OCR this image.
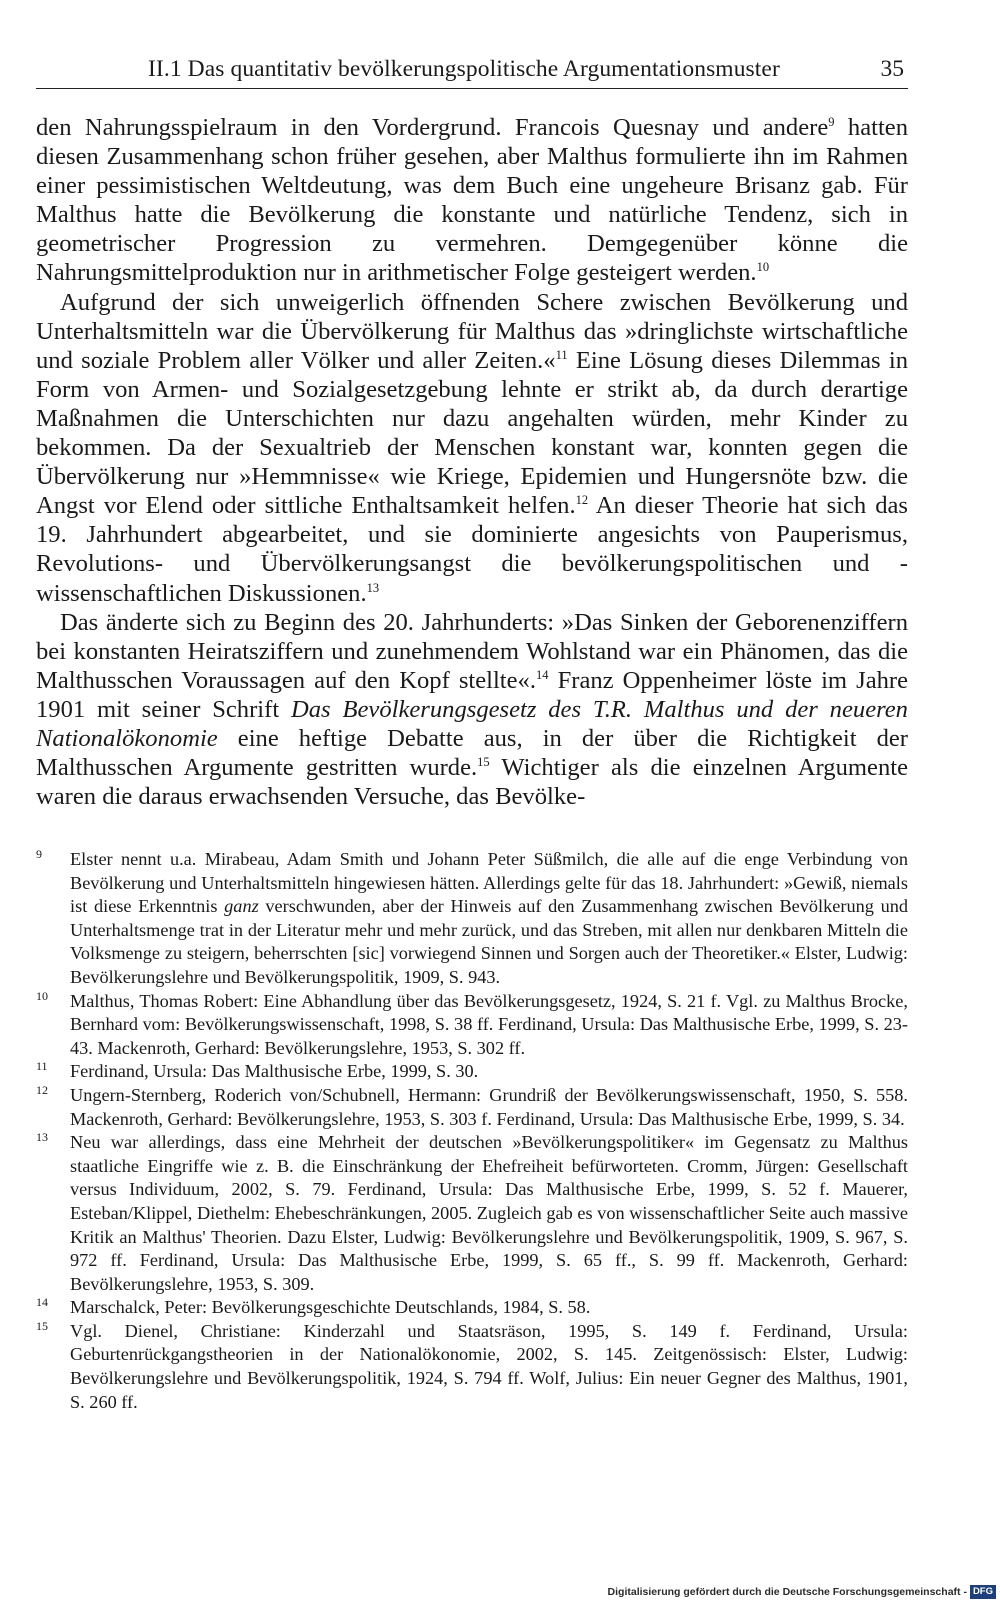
II.1 Das quantitativ bevölkerungspolitische Argumentationsmuster	35

den Nahrungsspielraum in den Vordergrund. Francois Quesnay und andere$^9$ hatten diesen Zusammenhang schon früher gesehen, aber Malthus formulierte ihn im Rahmen einer pessimistischen Weltdeutung, was dem Buch eine ungeheure Brisanz gab. Für Malthus hatte die Bevölkerung die konstante und natürliche Tendenz, sich in geometrischer Progression zu vermehren. Demgegenüber könne die Nahrungsmittelproduktion nur in arithmetischer Folge gesteigert werden.$^{10}$

Aufgrund der sich unweigerlich öffnenden Schere zwischen Bevölkerung und Unterhaltsmitteln war die Übervölkerung für Malthus das »dringlichste wirtschaftliche und soziale Problem aller Völker und aller Zeiten.«$^{11}$ Eine Lösung dieses Dilemmas in Form von Armen- und Sozialgesetzgebung lehnte er strikt ab, da durch derartige Maßnahmen die Unterschichten nur dazu angehalten würden, mehr Kinder zu bekommen. Da der Sexualtrieb der Menschen konstant war, konnten gegen die Übervölkerung nur »Hemmnisse« wie Kriege, Epidemien und Hungersnöte bzw. die Angst vor Elend oder sittliche Enthaltsamkeit helfen.$^{12}$ An dieser Theorie hat sich das 19. Jahrhundert abgearbeitet, und sie dominierte angesichts von Pauperismus, Revolutions- und Übervölkerungsangst die bevölkerungspolitischen und -wissenschaftlichen Diskussionen.$^{13}$

Das änderte sich zu Beginn des 20. Jahrhunderts: »Das Sinken der Geborenenziffern bei konstanten Heiratsziffern und zunehmendem Wohlstand war ein Phänomen, das die Malthusschen Voraussagen auf den Kopf stellte«.$^{14}$ Franz Oppenheimer löste im Jahre 1901 mit seiner Schrift Das Bevölkerungsgesetz des T.R. Malthus und der neueren Nationalökonomie eine heftige Debatte aus, in der über die Richtigkeit der Malthusschen Argumente gestritten wurde.$^{15}$ Wichtiger als die einzelnen Argumente waren die daraus erwachsenden Versuche, das Bevölke-

9 Elster nennt u.a. Mirabeau, Adam Smith und Johann Peter Süßmilch, die alle auf die enge Verbindung von Bevölkerung und Unterhaltsmitteln hingewiesen hätten. Allerdings gelte für das 18. Jahrhundert: »Gewiß, niemals ist diese Erkenntnis ganz verschwunden, aber der Hinweis auf den Zusammenhang zwischen Bevölkerung und Unterhaltsmenge trat in der Literatur mehr und mehr zurück, und das Streben, mit allen nur denkbaren Mitteln die Volksmenge zu steigern, beherrschten [sic] vorwiegend Sinnen und Sorgen auch der Theoretiker.« Elster, Ludwig: Bevölkerungslehre und Bevölkerungspolitik, 1909, S. 943.
10 Malthus, Thomas Robert: Eine Abhandlung über das Bevölkerungsgesetz, 1924, S. 21 f. Vgl. zu Malthus Brocke, Bernhard vom: Bevölkerungswissenschaft, 1998, S. 38 ff. Ferdinand, Ursula: Das Malthusische Erbe, 1999, S. 23-43. Mackenroth, Gerhard: Bevölkerungslehre, 1953, S. 302 ff.
11 Ferdinand, Ursula: Das Malthusische Erbe, 1999, S. 30.
12 Ungern-Sternberg, Roderich von/Schubnell, Hermann: Grundriß der Bevölkerungswissenschaft, 1950, S. 558. Mackenroth, Gerhard: Bevölkerungslehre, 1953, S. 303 f. Ferdinand, Ursula: Das Malthusische Erbe, 1999, S. 34.
13 Neu war allerdings, dass eine Mehrheit der deutschen »Bevölkerungspolitiker« im Gegensatz zu Malthus staatliche Eingriffe wie z. B. die Einschränkung der Ehefreiheit befürworteten. Cromm, Jürgen: Gesellschaft versus Individuum, 2002, S. 79. Ferdinand, Ursula: Das Malthusische Erbe, 1999, S. 52 f. Mauerer, Esteban/Klippel, Diethelm: Ehebeschränkungen, 2005. Zugleich gab es von wissenschaftlicher Seite auch massive Kritik an Malthus' Theorien. Dazu Elster, Ludwig: Bevölkerungslehre und Bevölkerungspolitik, 1909, S. 967, S. 972 ff. Ferdinand, Ursula: Das Malthusische Erbe, 1999, S. 65 ff., S. 99 ff. Mackenroth, Gerhard: Bevölkerungslehre, 1953, S. 309.
14 Marschalck, Peter: Bevölkerungsgeschichte Deutschlands, 1984, S. 58.
15 Vgl. Dienel, Christiane: Kinderzahl und Staatsräson, 1995, S. 149 f. Ferdinand, Ursula: Geburtenrückgangstheorien in der Nationalökonomie, 2002, S. 145. Zeitgenössisch: Elster, Ludwig: Bevölkerungslehre und Bevölkerungspolitik, 1924, S. 794 ff. Wolf, Julius: Ein neuer Gegner des Malthus, 1901, S. 260 ff.
Digitalisierung gefördert durch die Deutsche Forschungsgemeinschaft - DFG
